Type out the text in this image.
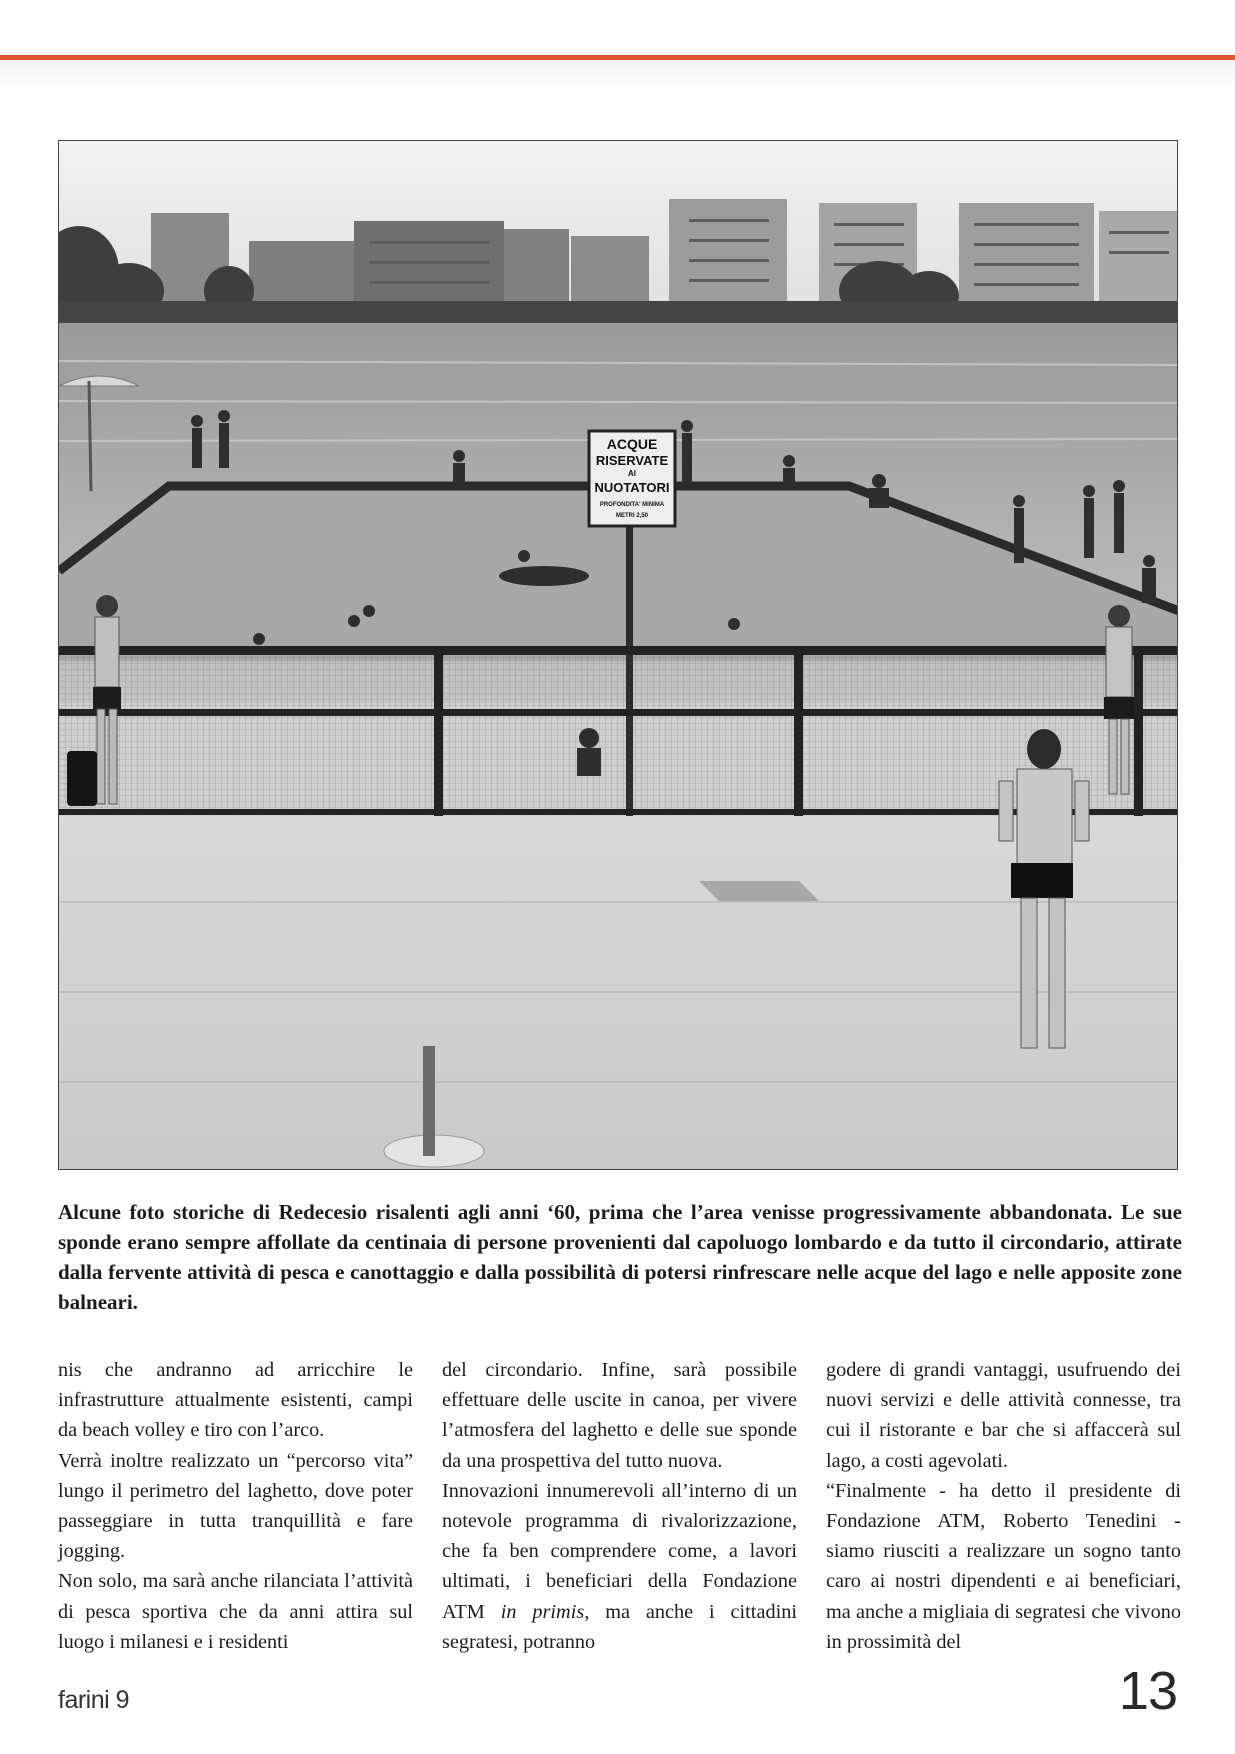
ACQUE
RISERVATE
AI
NUOTATORI
PROFONDITA' MINIMA
METRI 2,50

Alcune foto storiche di Redecesio risalenti agli anni ‘60, prima che l’area venisse progressivamente abbandonata. Le sue sponde erano sempre affollate da centinaia di persone provenienti dal capoluogo lombardo e da tutto il circondario, attirate dalla fervente attività di pesca e canottaggio e dalla possibilità di potersi rinfrescare nelle acque del lago e nelle apposite zone balneari.

nis che andranno ad arricchire le infrastrutture attualmente esistenti, campi da beach volley e tiro con l’arco.

Verrà inoltre realizzato un “percorso vita” lungo il perimetro del laghetto, dove poter passeggiare in tutta tranquillità e fare jogging.

Non solo, ma sarà anche rilanciata l’attività di pesca sportiva che da anni attira sul luogo i milanesi e i residenti

del circondario. Infine, sarà possibile effettuare delle uscite in canoa, per vivere l’atmosfera del laghetto e delle sue sponde da una prospettiva del tutto nuova.

Innovazioni innumerevoli all’interno di un notevole programma di rivalorizzazione, che fa ben comprendere come, a lavori ultimati, i beneficiari della Fondazione ATM in primis, ma anche i cittadini segratesi, potranno

godere di grandi vantaggi, usufruendo dei nuovi servizi e delle attività connesse, tra cui il ristorante e bar che si affaccerà sul lago, a costi agevolati.

“Finalmente - ha detto il presidente di Fondazione ATM, Roberto Tenedini - siamo riusciti a realizzare un sogno tanto caro ai nostri dipendenti e ai beneficiari, ma anche a migliaia di segratesi che vivono in prossimità del

farini 9	13
